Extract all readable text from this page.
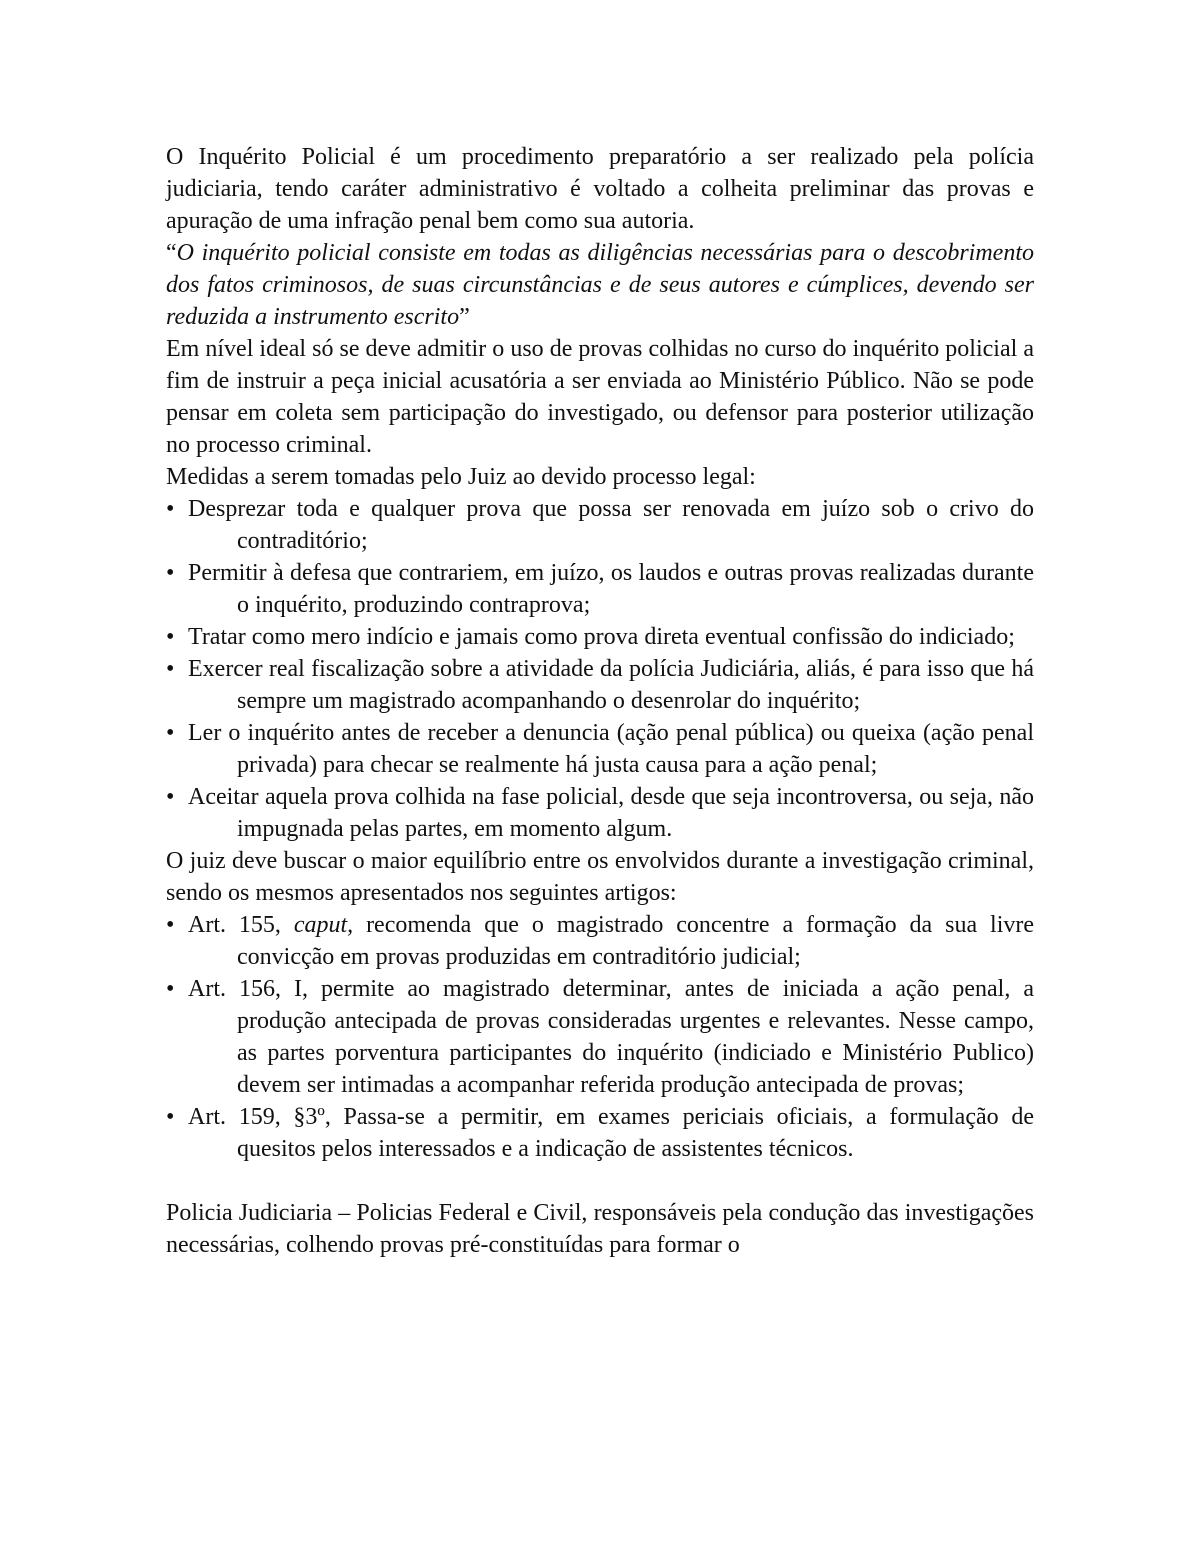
O Inquérito Policial é um procedimento preparatório a ser realizado pela polícia judiciaria, tendo caráter administrativo é voltado a colheita preliminar das provas e apuração de uma infração penal bem como sua autoria.

“O inquérito policial consiste em todas as diligências necessárias para o descobrimento dos fatos criminosos, de suas circunstâncias e de seus autores e cúmplices, devendo ser reduzida a instrumento escrito”

Em nível ideal só se deve admitir o uso de provas colhidas no curso do inquérito policial a fim de instruir a peça inicial acusatória a ser enviada ao Ministério Público. Não se pode pensar em coleta sem participação do investigado, ou defensor para posterior utilização no processo criminal.

Medidas a serem tomadas pelo Juiz ao devido processo legal:

• Desprezar toda e qualquer prova que possa ser renovada em juízo sob o crivo do contraditório;
• Permitir à defesa que contrariem, em juízo, os laudos e outras provas realizadas durante o inquérito, produzindo contraprova;
• Tratar como mero indício e jamais como prova direta eventual confissão do indiciado;
• Exercer real fiscalização sobre a atividade da polícia Judiciária, aliás, é para isso que há sempre um magistrado acompanhando o desenrolar do inquérito;
• Ler o inquérito antes de receber a denuncia (ação penal pública) ou queixa (ação penal privada) para checar se realmente há justa causa para a ação penal;
• Aceitar aquela prova colhida na fase policial, desde que seja incontroversa, ou seja, não impugnada pelas partes, em momento algum.

O juiz deve buscar o maior equilíbrio entre os envolvidos durante a investigação criminal, sendo os mesmos apresentados nos seguintes artigos:

• Art. 155, caput, recomenda que o magistrado concentre a formação da sua livre convicção em provas produzidas em contraditório judicial;
• Art. 156, I, permite ao magistrado determinar, antes de iniciada a ação penal, a produção antecipada de provas consideradas urgentes e relevantes. Nesse campo, as partes porventura participantes do inquérito (indiciado e Ministério Publico) devem ser intimadas a acompanhar referida produção antecipada de provas;
• Art. 159, §3º, Passa-se a permitir, em exames periciais oficiais, a formulação de quesitos pelos interessados e a indicação de assistentes técnicos.

Policia Judiciaria – Policias Federal e Civil, responsáveis pela condução das investigações necessárias, colhendo provas pré-constituídas para formar o
